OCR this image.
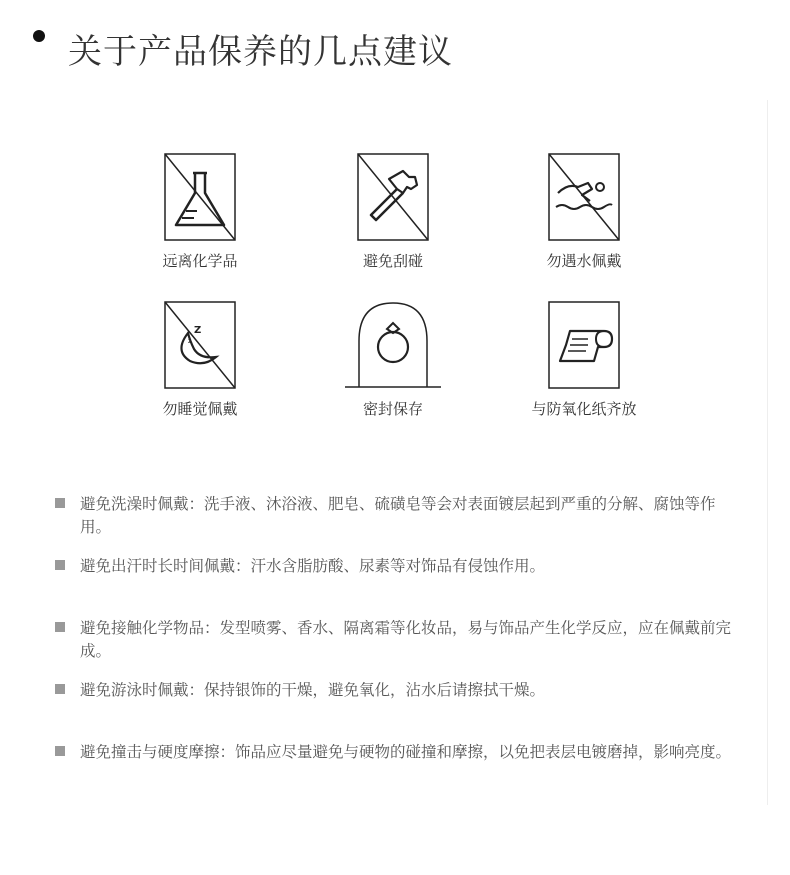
关于产品保养的几点建议
远离化学品	避免刮碰	勿遇水佩戴
Z
z
勿睡觉佩戴	密封保存	与防氧化纸齐放
避免洗澡时佩戴：洗手液、沐浴液、肥皂、硫磺皂等会对表面镀层起到严重的分解、腐蚀等作用。
避免出汗时长时间佩戴：汗水含脂肪酸、尿素等对饰品有侵蚀作用。
避免接触化学物品：发型喷雾、香水、隔离霜等化妆品，易与饰品产生化学反应，应在佩戴前完成。
避免游泳时佩戴：保持银饰的干燥，避免氧化，沾水后请擦拭干燥。
避免撞击与硬度摩擦：饰品应尽量避免与硬物的碰撞和摩擦，以免把表层电镀磨掉，影响亮度。
